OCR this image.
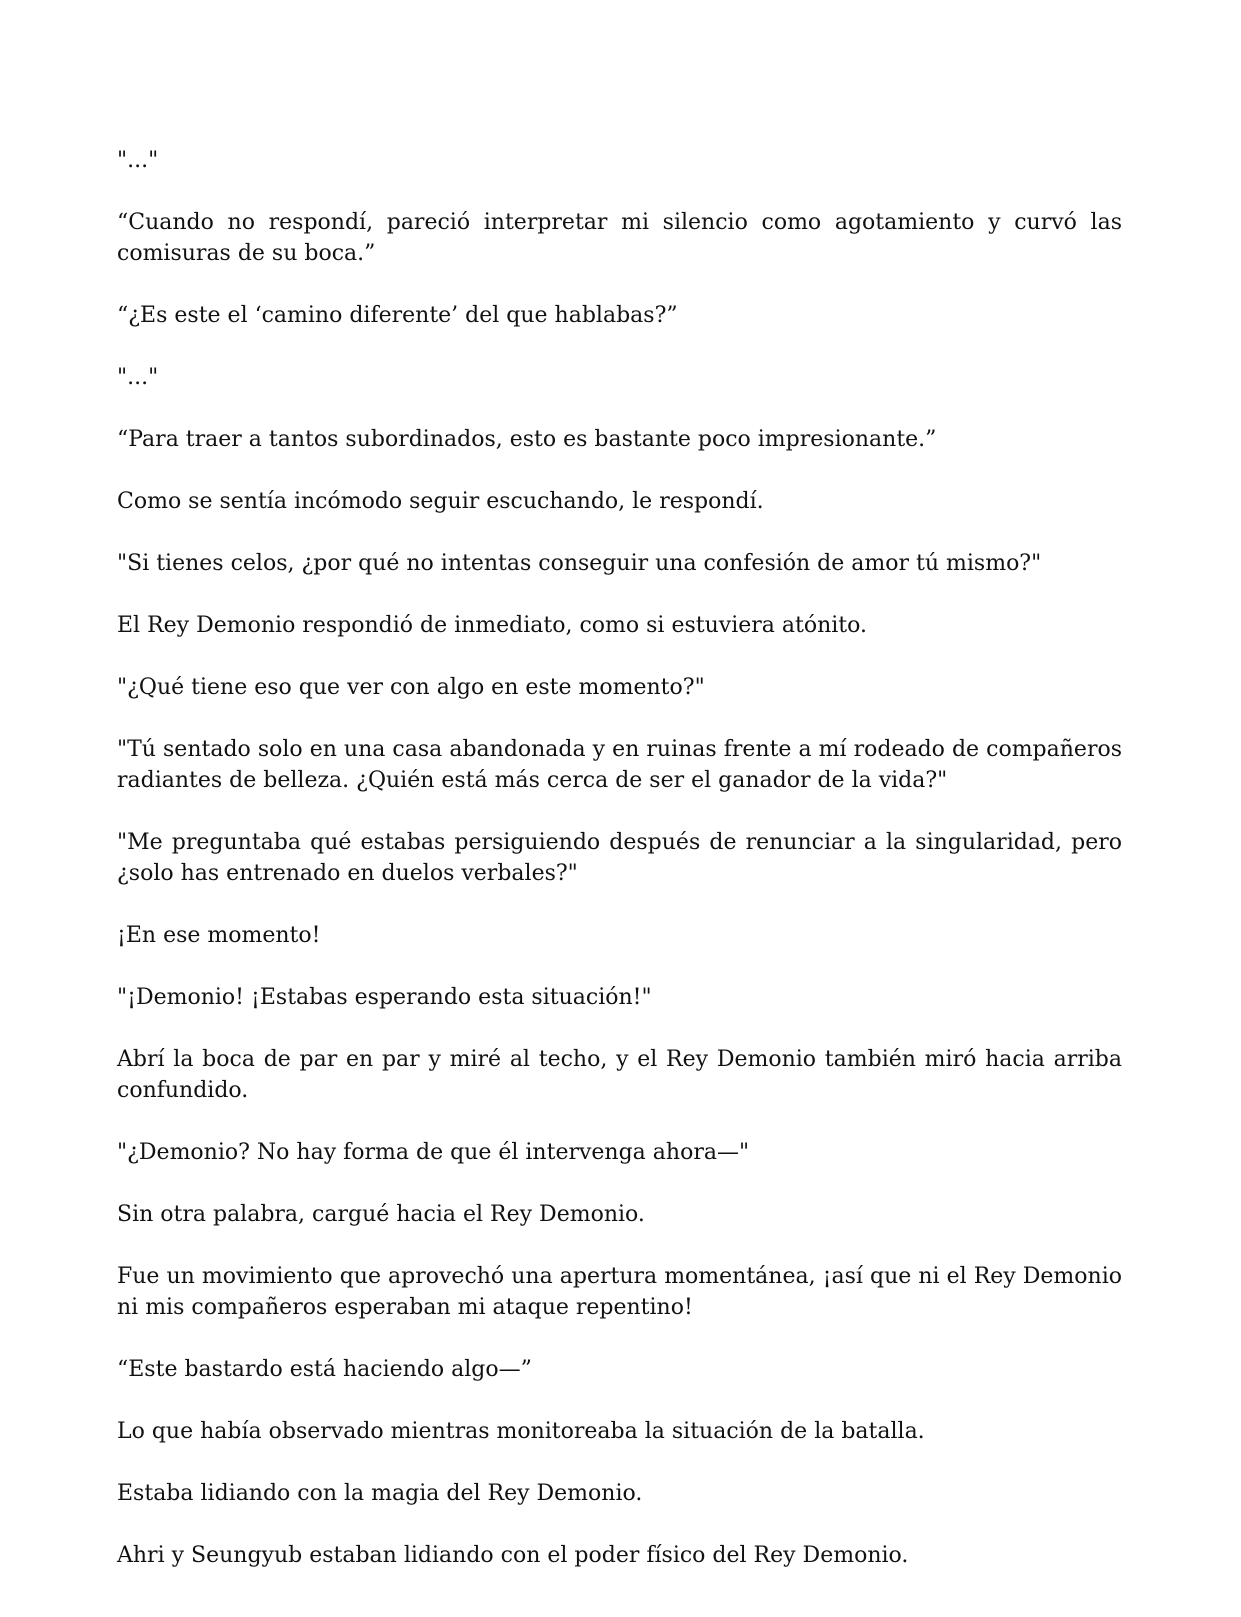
"..."

“Cuando no respondí, pareció interpretar mi silencio como agotamiento y curvó las comisuras de su boca.”

“¿Es este el ‘camino diferente’ del que hablabas?”

"..."

“Para traer a tantos subordinados, esto es bastante poco impresionante.”

Como se sentía incómodo seguir escuchando, le respondí.

"Si tienes celos, ¿por qué no intentas conseguir una confesión de amor tú mismo?"

El Rey Demonio respondió de inmediato, como si estuviera atónito.

"¿Qué tiene eso que ver con algo en este momento?"

"Tú sentado solo en una casa abandonada y en ruinas frente a mí rodeado de compañeros radiantes de belleza. ¿Quién está más cerca de ser el ganador de la vida?"

"Me preguntaba qué estabas persiguiendo después de renunciar a la singularidad, pero ¿solo has entrenado en duelos verbales?"

¡En ese momento!

"¡Demonio! ¡Estabas esperando esta situación!"

Abrí la boca de par en par y miré al techo, y el Rey Demonio también miró hacia arriba confundido.

"¿Demonio? No hay forma de que él intervenga ahora—"

Sin otra palabra, cargué hacia el Rey Demonio.

Fue un movimiento que aprovechó una apertura momentánea, ¡así que ni el Rey Demonio ni mis compañeros esperaban mi ataque repentino!

“Este bastardo está haciendo algo—”

Lo que había observado mientras monitoreaba la situación de la batalla.

Estaba lidiando con la magia del Rey Demonio.

Ahri y Seungyub estaban lidiando con el poder físico del Rey Demonio.
